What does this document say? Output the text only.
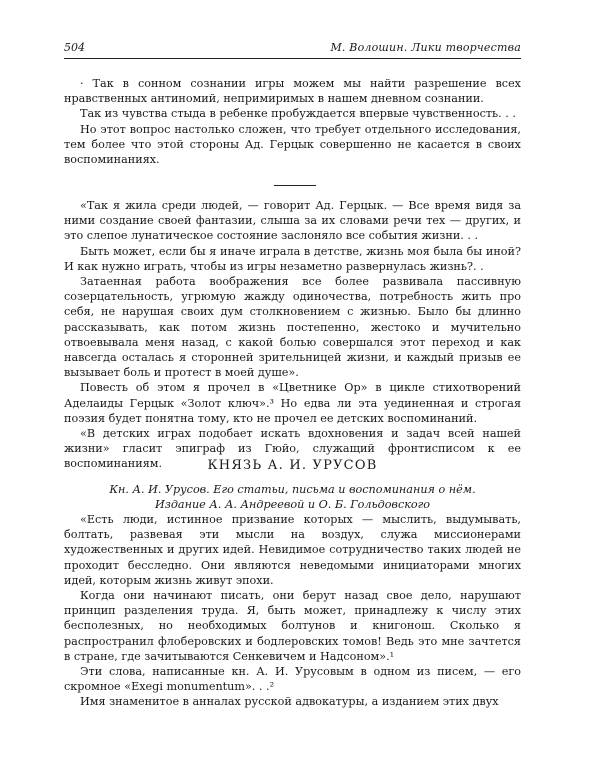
504	М. Волошин. Лики творчества

· Так в сонном сознании игры можем мы найти разрешение всех нравственных антиномий, непримиримых в нашем дневном сознании.

Так из чувства стыда в ребенке пробуждается впервые чувственность. . .

Но этот вопрос настолько сложен, что требует отдельного исследования, тем более что этой стороны Ад. Герцык совершенно не касается в своих воспоминаниях.

«Так я жила среди людей, — говорит Ад. Герцык. — Все время видя за ними создание своей фантазии, слыша за их словами речи тех — других, и это слепое лунатическое состояние заслоняло все события жизни. . .

Быть может, если бы я иначе играла в детстве, жизнь моя была бы иной? И как нужно играть, чтобы из игры незаметно развернулась жизнь?. .

Затаенная работа воображения все более развивала пассивную созерцательность, угрюмую жажду одиночества, потребность жить про себя, не нарушая своих дум столкновением с жизнью. Было бы длинно рассказывать, как потом жизнь постепенно, жестоко и мучительно отвоевывала меня назад, с какой болью совершался этот переход и как навсегда осталась я сторонней зрительницей жизни, и каждый призыв ее вызывает боль и протест в моей душе».

Повесть об этом я прочел в «Цветнике Ор» в цикле стихотворений Аделаиды Герцык «Золот ключ».³ Но едва ли эта уединенная и строгая поэзия будет понятна тому, кто не прочел ее детских воспоминаний.

«В детских играх подобает искать вдохновения и задач всей нашей жизни» гласит эпиграф из Гюйо, служащий фронтисписом к ее воспоминаниям.	КНЯЗЬ А. И. УРУСОВ
Кн. А. И. Урусов. Его статьи, письма и воспоминания о нём.
Издание А. А. Андреевой и О. Б. Гольдовского

«Есть люди, истинное призвание которых — мыслить, выдумывать, болтать, развевая эти мысли на воздух, служа миссионерами художественных и других идей. Невидимое сотрудничество таких людей не проходит бесследно. Они являются неведомыми инициаторами многих идей, которым жизнь живут эпохи.

Когда они начинают писать, они берут назад свое дело, нарушают принцип разделения труда. Я, быть может, принадлежу к числу этих бесполезных, но необходимых болтунов и книгонош. Сколько я распространил флоберовских и бодлеровских томов! Ведь это мне зачтется в стране, где зачитываются Сенкевичем и Надсоном».¹

Эти слова, написанные кн. А. И. Урусовым в одном из писем, — его скромное «Exegi monumentum». . .²

Имя знаменитое в анналах русской адвокатуры, а изданием этих двух
